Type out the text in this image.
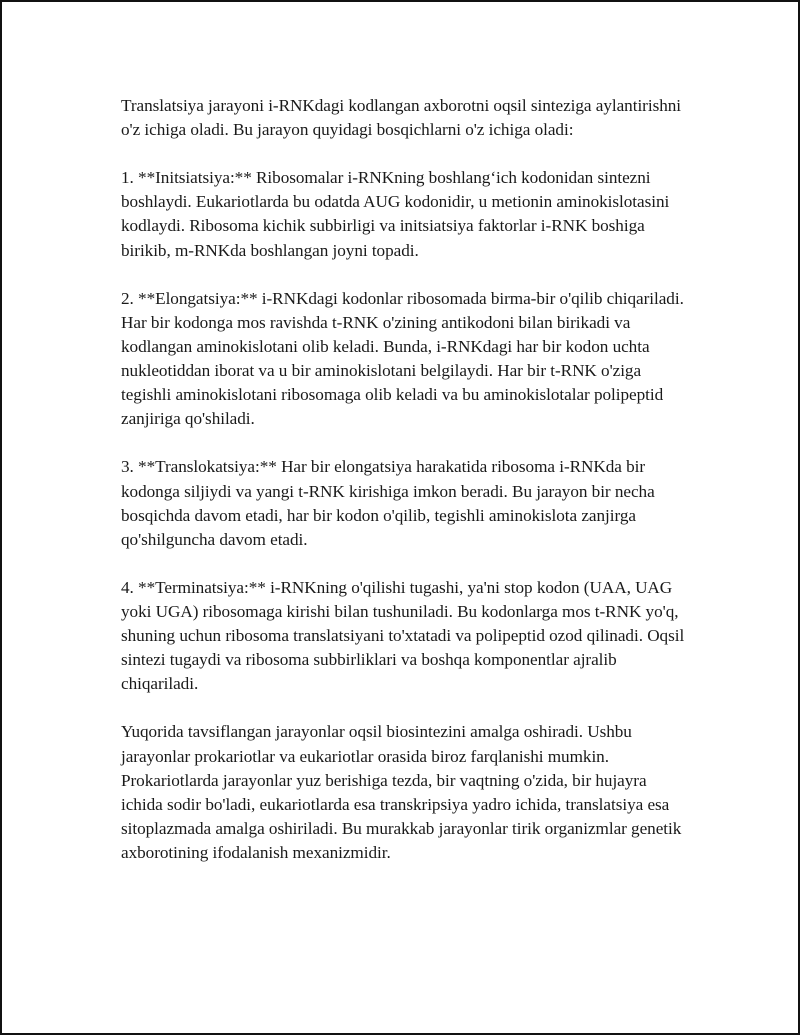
Translatsiya jarayoni i-RNKdagi kodlangan axborotni oqsil sinteziga aylantirishni o'z ichiga oladi. Bu jarayon quyidagi bosqichlarni o'z ichiga oladi:

1. **Initsiatsiya:** Ribosomalar i-RNKning boshlang‘ich kodonidan sintezni boshlaydi. Eukariotlarda bu odatda AUG kodonidir, u metionin aminokislotasini kodlaydi. Ribosoma kichik subbirligi va initsiatsiya faktorlar i-RNK boshiga birikib, m-RNKda boshlangan joyni topadi.

2. **Elongatsiya:** i-RNKdagi kodonlar ribosomada birma-bir o'qilib chiqariladi. Har bir kodonga mos ravishda t-RNK o'zining antikodoni bilan birikadi va kodlangan aminokislotani olib keladi. Bunda, i-RNKdagi har bir kodon uchta nukleotiddan iborat va u bir aminokislotani belgilaydi. Har bir t-RNK o'ziga tegishli aminokislotani ribosomaga olib keladi va bu aminokislotalar polipeptid zanjiriga qo'shiladi.

3. **Translokatsiya:** Har bir elongatsiya harakatida ribosoma i-RNKda bir kodonga siljiydi va yangi t-RNK kirishiga imkon beradi. Bu jarayon bir necha bosqichda davom etadi, har bir kodon o'qilib, tegishli aminokislota zanjirga qo'shilguncha davom etadi.

4. **Terminatsiya:** i-RNKning o'qilishi tugashi, ya'ni stop kodon (UAA, UAG yoki UGA) ribosomaga kirishi bilan tushuniladi. Bu kodonlarga mos t-RNK yo'q, shuning uchun ribosoma translatsiyani to'xtatadi va polipeptid ozod qilinadi. Oqsil sintezi tugaydi va ribosoma subbirliklari va boshqa komponentlar ajralib chiqariladi.

Yuqorida tavsiflangan jarayonlar oqsil biosintezini amalga oshiradi. Ushbu jarayonlar prokariotlar va eukariotlar orasida biroz farqlanishi mumkin. Prokariotlarda jarayonlar yuz berishiga tezda, bir vaqtning o'zida, bir hujayra ichida sodir bo'ladi, eukariotlarda esa transkripsiya yadro ichida, translatsiya esa sitoplazmada amalga oshiriladi. Bu murakkab jarayonlar tirik organizmlar genetik axborotining ifodalanish mexanizmidir.
